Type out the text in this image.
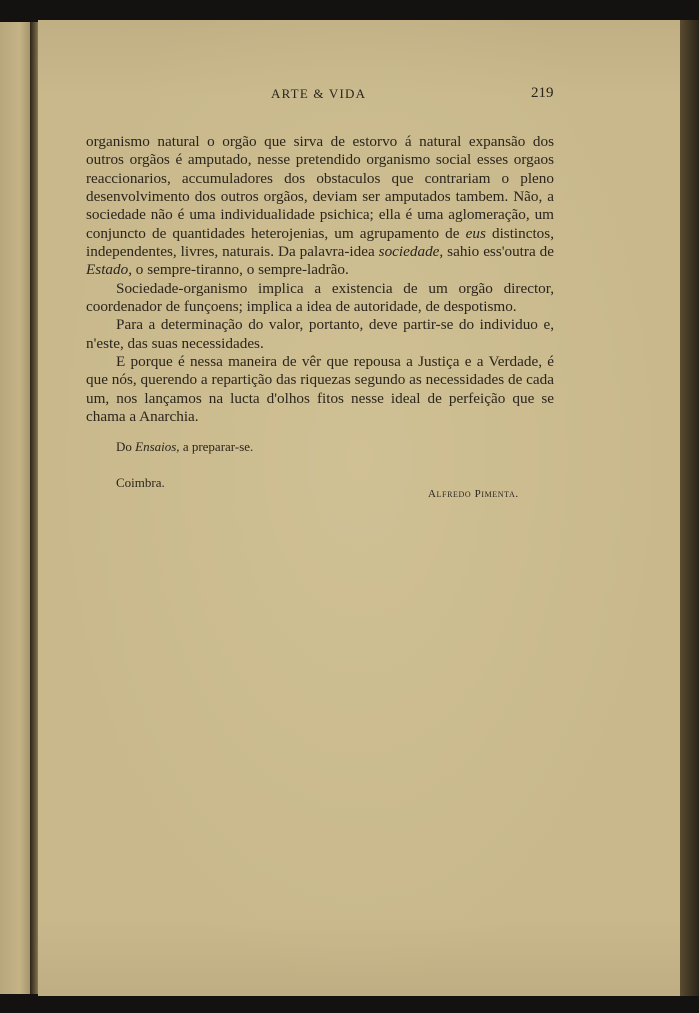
ARTE & VIDA	219

organismo natural o orgão que sirva de estorvo á natural expansão dos outros orgãos é amputado, nesse pretendido organismo social esses orgaos reaccionarios, accumuladores dos obstaculos que contrariam o pleno desenvolvimento dos outros orgãos, deviam ser amputados tambem. Não, a sociedade não é uma individualidade psichica; ella é uma aglomeração, um conjuncto de quantidades heterojenias, um agrupamento de eus distinctos, independentes, livres, naturais. Da palavra-idea sociedade, sahio ess'outra de Estado, o sempre-tiranno, o sempre-ladrão.

Sociedade-organismo implica a existencia de um orgão director, coordenador de funçoens; implica a idea de autoridade, de despotismo.

Para a determinação do valor, portanto, deve partir-se do individuo e, n'este, das suas necessidades.

E porque é nessa maneira de vêr que repousa a Justiça e a Verdade, é que nós, querendo a repartição das riquezas segundo as necessidades de cada um, nos lançamos na lucta d'olhos fitos nesse ideal de perfeição que se chama a Anarchia.

Do Ensaios, a preparar-se.
Coimbra.
Alfredo Pimenta.
